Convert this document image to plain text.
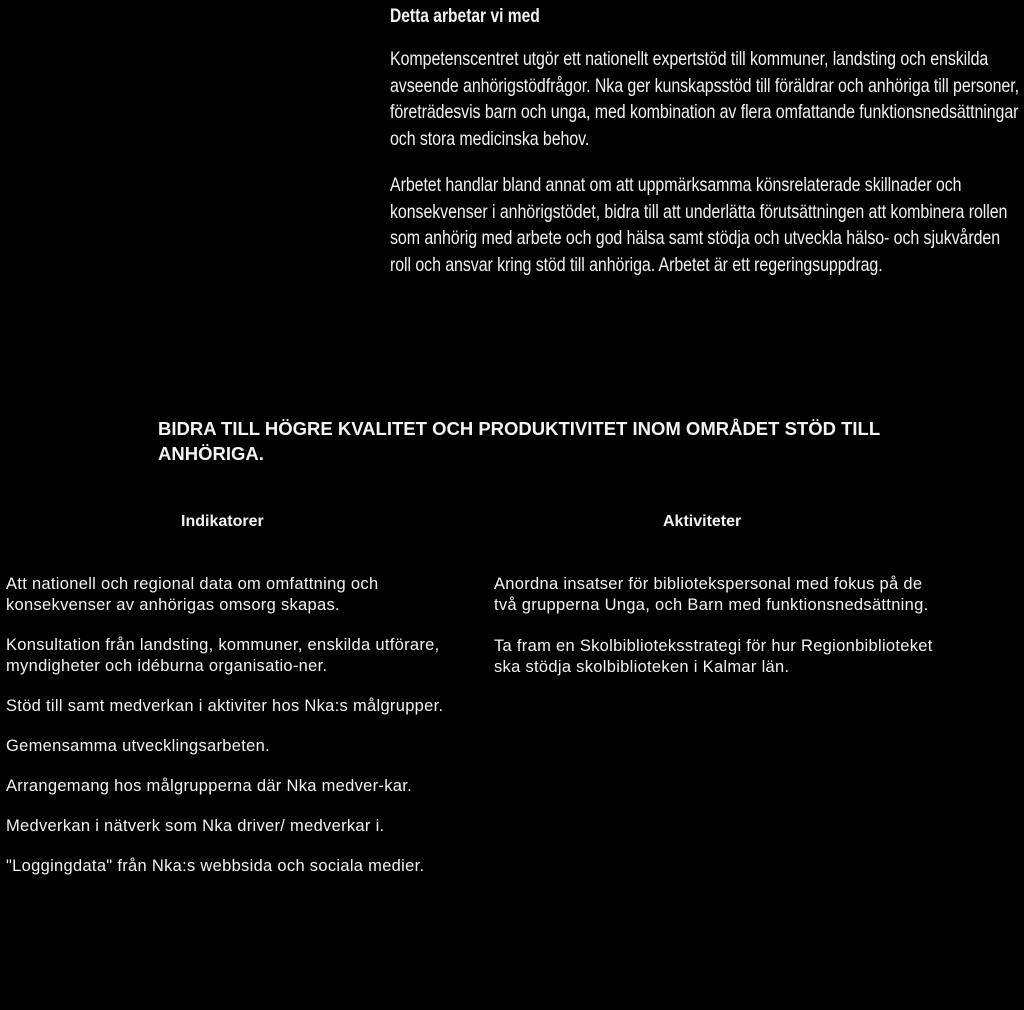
Detta arbetar vi med

Kompetenscentret utgör ett nationellt expertstöd till kommuner, landsting och enskilda avseende anhörigstödfrågor. Nka ger kunskapsstöd till föräldrar och anhöriga till personer, företrädesvis barn och unga, med kombination av flera omfattande funktionsnedsättningar och stora medicinska behov.

Arbetet handlar bland annat om att uppmärksamma könsrelaterade skillnader och konsekvenser i anhörigstödet, bidra till att underlätta förutsättningen att kombinera rollen som anhörig med arbete och god hälsa samt stödja och utveckla hälso- och sjukvården roll och ansvar kring stöd till anhöriga. Arbetet är ett regeringsuppdrag.

BIDRA TILL HÖGRE KVALITET OCH PRODUKTIVITET INOM OMRÅDET STÖD TILL ANHÖRIGA.
Indikatorer	Aktiviteter

Att nationell och regional data om omfattning och konsekvenser av anhörigas omsorg skapas.

Konsultation från landsting, kommuner, enskilda utförare, myndigheter och idéburna organisatio-ner.

Stöd till samt medverkan i aktiviter hos Nka:s målgrupper.

Gemensamma utvecklingsarbeten.

Arrangemang hos målgrupperna där Nka medver-kar.

Medverkan i nätverk som Nka driver/ medverkar i.

"Loggingdata" från Nka:s webbsida och sociala medier.

Anordna insatser för bibliotekspersonal med fokus på de två grupperna Unga, och Barn med funktionsnedsättning.

Ta fram en Skolbiblioteksstrategi för hur Regionbiblioteket ska stödja skolbiblioteken i Kalmar län.
